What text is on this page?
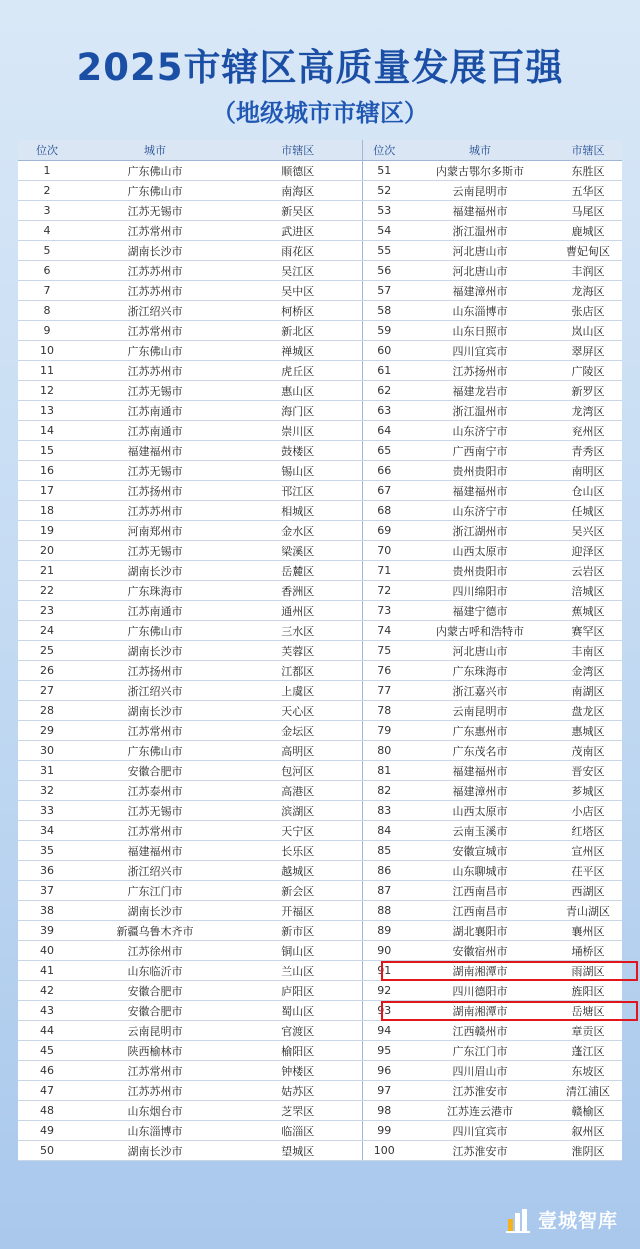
2025市辖区高质量发展百强
（地级城市市辖区）
位次	城市	市辖区	位次	城市	市辖区
1	广东佛山市	顺德区	51	内蒙古鄂尔多斯市	东胜区
2	广东佛山市	南海区	52	云南昆明市	五华区
3	江苏无锡市	新吴区	53	福建福州市	马尾区
4	江苏常州市	武进区	54	浙江温州市	鹿城区
5	湖南长沙市	雨花区	55	河北唐山市	曹妃甸区
6	江苏苏州市	吴江区	56	河北唐山市	丰润区
7	江苏苏州市	吴中区	57	福建漳州市	龙海区
8	浙江绍兴市	柯桥区	58	山东淄博市	张店区
9	江苏常州市	新北区	59	山东日照市	岚山区
10	广东佛山市	禅城区	60	四川宜宾市	翠屏区
11	江苏苏州市	虎丘区	61	江苏扬州市	广陵区
12	江苏无锡市	惠山区	62	福建龙岩市	新罗区
13	江苏南通市	海门区	63	浙江温州市	龙湾区
14	江苏南通市	崇川区	64	山东济宁市	兖州区
15	福建福州市	鼓楼区	65	广西南宁市	青秀区
16	江苏无锡市	锡山区	66	贵州贵阳市	南明区
17	江苏扬州市	邗江区	67	福建福州市	仓山区
18	江苏苏州市	相城区	68	山东济宁市	任城区
19	河南郑州市	金水区	69	浙江湖州市	吴兴区
20	江苏无锡市	梁溪区	70	山西太原市	迎泽区
21	湖南长沙市	岳麓区	71	贵州贵阳市	云岩区
22	广东珠海市	香洲区	72	四川绵阳市	涪城区
23	江苏南通市	通州区	73	福建宁德市	蕉城区
24	广东佛山市	三水区	74	内蒙古呼和浩特市	赛罕区
25	湖南长沙市	芙蓉区	75	河北唐山市	丰南区
26	江苏扬州市	江都区	76	广东珠海市	金湾区
27	浙江绍兴市	上虞区	77	浙江嘉兴市	南湖区
28	湖南长沙市	天心区	78	云南昆明市	盘龙区
29	江苏常州市	金坛区	79	广东惠州市	惠城区
30	广东佛山市	高明区	80	广东茂名市	茂南区
31	安徽合肥市	包河区	81	福建福州市	晋安区
32	江苏泰州市	高港区	82	福建漳州市	芗城区
33	江苏无锡市	滨湖区	83	山西太原市	小店区
34	江苏常州市	天宁区	84	云南玉溪市	红塔区
35	福建福州市	长乐区	85	安徽宣城市	宣州区
36	浙江绍兴市	越城区	86	山东聊城市	茌平区
37	广东江门市	新会区	87	江西南昌市	西湖区
38	湖南长沙市	开福区	88	江西南昌市	青山湖区
39	新疆乌鲁木齐市	新市区	89	湖北襄阳市	襄州区
40	江苏徐州市	铜山区	90	安徽宿州市	埇桥区
41	山东临沂市	兰山区	91	湖南湘潭市	雨湖区
42	安徽合肥市	庐阳区	92	四川德阳市	旌阳区
43	安徽合肥市	蜀山区	93	湖南湘潭市	岳塘区
44	云南昆明市	官渡区	94	江西赣州市	章贡区
45	陕西榆林市	榆阳区	95	广东江门市	蓬江区
46	江苏常州市	钟楼区	96	四川眉山市	东坡区
47	江苏苏州市	姑苏区	97	江苏淮安市	清江浦区
48	山东烟台市	芝罘区	98	江苏连云港市	赣榆区
49	山东淄博市	临淄区	99	四川宜宾市	叙州区
50	湖南长沙市	望城区	100	江苏淮安市	淮阴区
壹城智库
